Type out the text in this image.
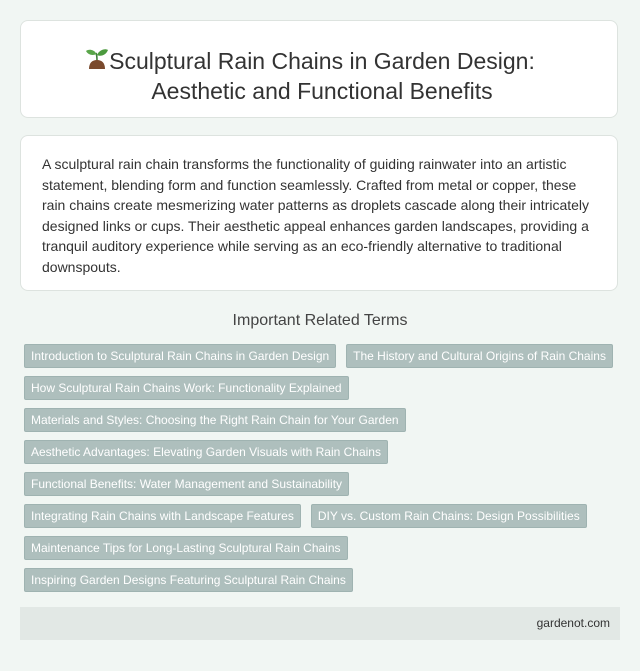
Sculptural Rain Chains in Garden Design:
Aesthetic and Functional Benefits

A sculptural rain chain transforms the functionality of guiding rainwater into an artistic statement, blending form and function seamlessly. Crafted from metal or copper, these rain chains create mesmerizing water patterns as droplets cascade along their intricately designed links or cups. Their aesthetic appeal enhances garden landscapes, providing a tranquil auditory experience while serving as an eco-friendly alternative to traditional downspouts.

Important Related Terms
Introduction to Sculptural Rain Chains in Garden Design	The History and Cultural Origins of Rain Chains
How Sculptural Rain Chains Work: Functionality Explained
Materials and Styles: Choosing the Right Rain Chain for Your Garden
Aesthetic Advantages: Elevating Garden Visuals with Rain Chains
Functional Benefits: Water Management and Sustainability
Integrating Rain Chains with Landscape Features	DIY vs. Custom Rain Chains: Design Possibilities
Maintenance Tips for Long-Lasting Sculptural Rain Chains
Inspiring Garden Designs Featuring Sculptural Rain Chains
gardenot.com
